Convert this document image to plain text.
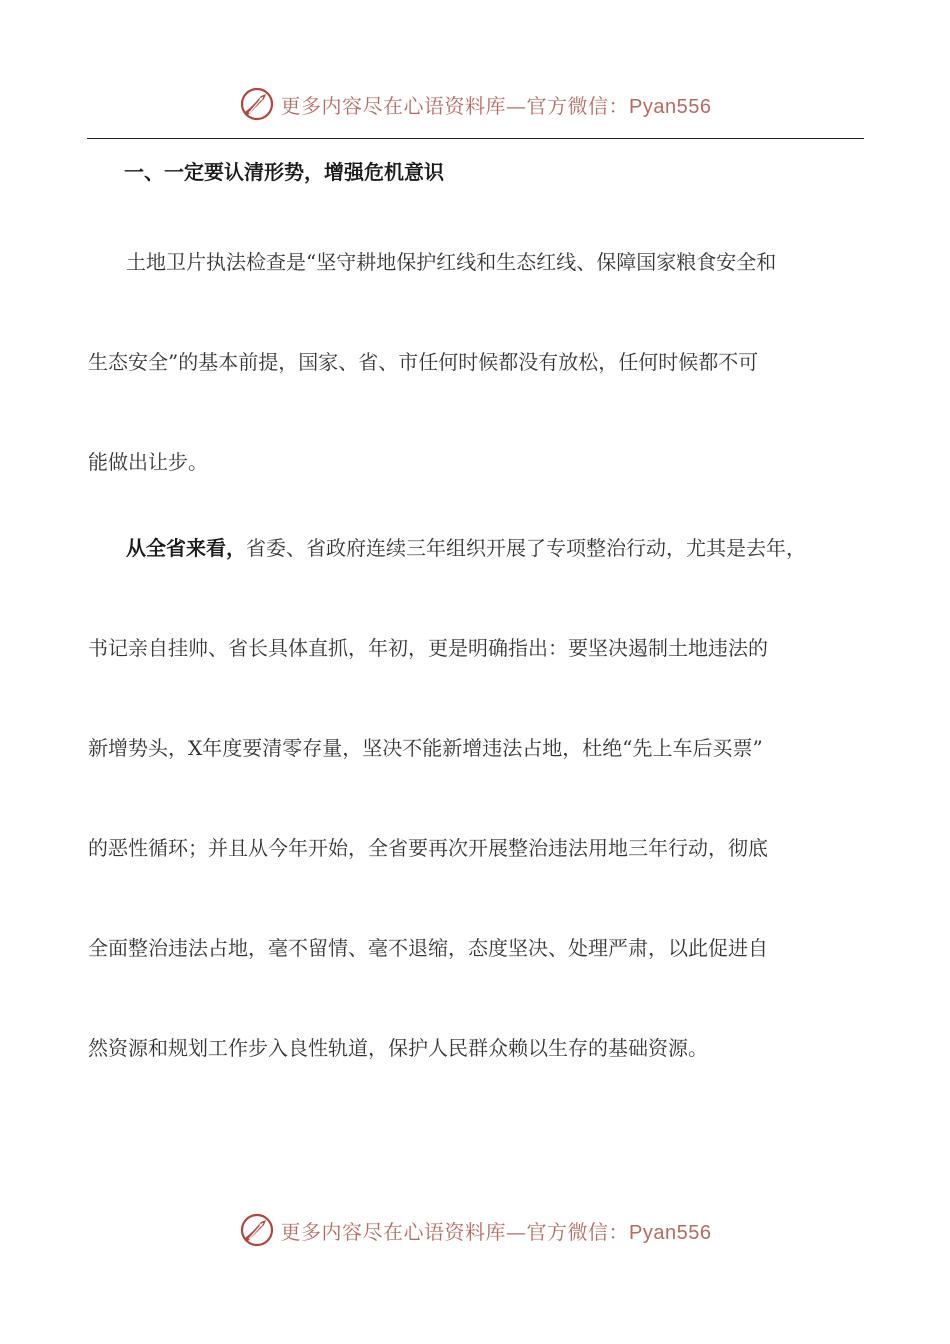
更多内容尽在心语资料库—官方微信：Pyan556
一、一定要认清形势，增强危机意识
土地卫片执法检查是“坚守耕地保护红线和生态红线、保障国家粮食安全和
生态安全”的基本前提，国家、省、市任何时候都没有放松，任何时候都不可
能做出让步。
从全省来看，省委、省政府连续三年组织开展了专项整治行动，尤其是去年，
书记亲自挂帅、省长具体直抓，年初，更是明确指出：要坚决遏制土地违法的
新增势头，X年度要清零存量，坚决不能新增违法占地，杜绝“先上车后买票”
的恶性循环；并且从今年开始，全省要再次开展整治违法用地三年行动，彻底
全面整治违法占地，毫不留情、毫不退缩，态度坚决、处理严肃，以此促进自
然资源和规划工作步入良性轨道，保护人民群众赖以生存的基础资源。
更多内容尽在心语资料库—官方微信：Pyan556
